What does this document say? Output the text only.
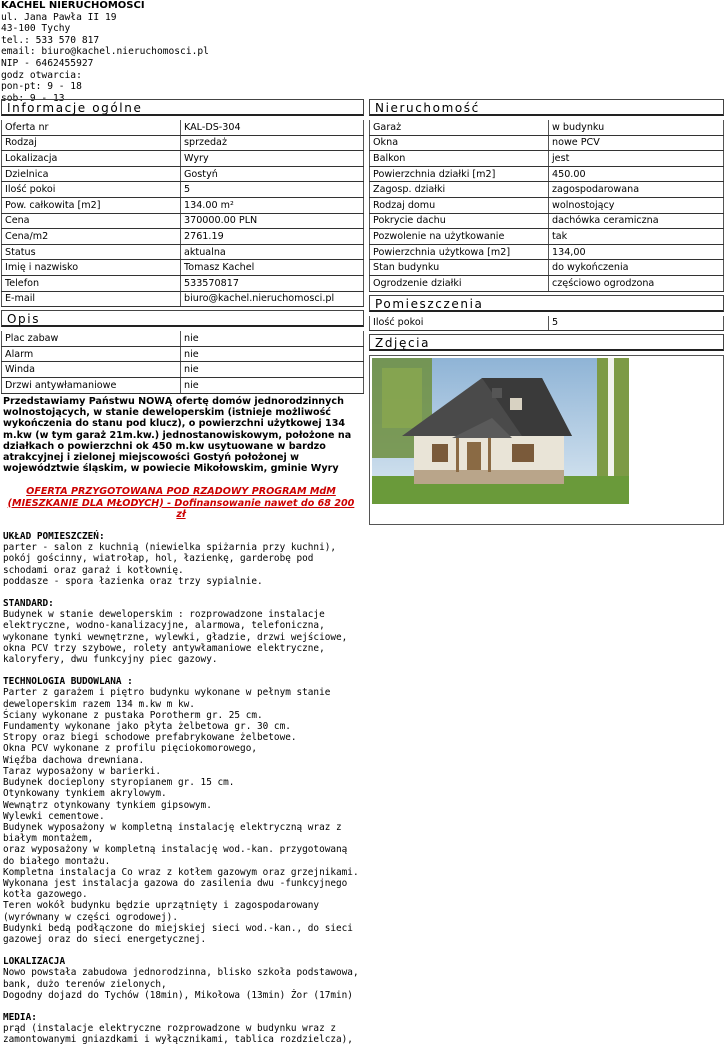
KACHEL NIERUCHOMOŚCI
ul. Jana Pawła II 19
43-100 Tychy
tel.: 533 570 817
email: biuro@kachel.nieruchomosci.pl
NIP - 6462455927
godz otwarcia:
pon-pt: 9 - 18
sob: 9 - 13
Informacje ogólne
Oferta nr	KAL-DS-304
Rodzaj	sprzedaż
Lokalizacja	Wyry
Dzielnica	Gostyń
Ilość pokoi	5
Pow. całkowita [m2]	134.00 m²
Cena	370000.00 PLN
Cena/m2	2761.19
Status	aktualna
Imię i nazwisko	Tomasz Kachel
Telefon	533570817
E-mail	biuro@kachel.nieruchomosci.pl
Opis
Plac zabaw	nie
Alarm	nie
Winda	nie
Drzwi antywłamaniowe	nie

Przedstawiamy Państwu NOWĄ ofertę domów jednorodzinnych wolnostojących, w stanie deweloperskim (istnieje możliwość wykończenia do stanu pod klucz), o powierzchni użytkowej 134 m.kw (w tym garaż 21m.kw.) jednostanowiskowym, położone na działkach o powierzchni ok 450 m.kw usytuowane w bardzo atrakcyjnej i zielonej miejscowości Gostyń położonej w województwie śląskim, w powiecie Mikołowskim, gminie Wyry

OFERTA PRZYGOTOWANA POD RZĄDOWY PROGRAM MdM

(MIESZKANIE DLA MŁODYCH) - Dofinansowanie nawet do 68 200 zł

UKŁAD POMIESZCZEŃ:

parter - salon z kuchnią (niewielka spiżarnia przy kuchni), pokój gościnny, wiatrołap, hol, łazienkę, garderobę pod schodami oraz garaż i kotłownię.

poddasze - spora łazienka oraz trzy sypialnie.

STANDARD:

Budynek w stanie deweloperskim : rozprowadzone instalacje elektryczne, wodno-kanalizacyjne, alarmowa, telefoniczna, wykonane tynki wewnętrzne, wylewki, gładzie, drzwi wejściowe, okna PCV trzy szybowe, rolety antywłamaniowe elektryczne, kaloryfery, dwu funkcyjny piec gazowy.

TECHNOLOGIA BUDOWLANA :

Parter z garażem i piętro budynku wykonane w pełnym stanie deweloperskim razem 134 m.kw m kw.

Ściany wykonane z pustaka Porotherm gr. 25 cm.

Fundamenty wykonane jako płyta żelbetowa gr. 30 cm.

Stropy oraz biegi schodowe prefabrykowane żelbetowe.

Okna PCV wykonane z profilu pięciokomorowego,

Więźba dachowa drewniana.

Taraz wyposażony w barierki.

Budynek docieplony styropianem gr. 15 cm.

Otynkowany tynkiem akrylowym.

Wewnątrz otynkowany tynkiem gipsowym.

Wylewki cementowe.

Budynek wyposażony w kompletną instalację elektryczną wraz z białym montażem,

oraz wyposażony w kompletną instalację wod.-kan. przygotowaną do białego montażu.

Kompletna instalacja Co wraz z kotłem gazowym oraz grzejnikami. Wykonana jest instalacja gazowa do zasilenia dwu -funkcyjnego kotła gazowego.

Teren wokół budynku będzie uprzątnięty i zagospodarowany (wyrównany w części ogrodowej).

Budynki bedą podłączone do miejskiej sieci wod.-kan., do sieci gazowej oraz do sieci energetycznej.

LOKALIZACJA

Nowo powstała zabudowa jednorodzinna, blisko szkoła podstawowa, bank, dużo terenów zielonych,

Dogodny dojazd do Tychów (18min), Mikołowa (13min) Żor (17min)

MEDIA:

prąd (instalacje elektryczne rozprowadzone w budynku wraz z zamontowanymi gniazdkami i wyłącznikami, tablica rozdzielcza),

Nieruchomość
Garaż	w budynku
Okna	nowe PCV
Balkon	jest
Powierzchnia działki [m2]	450.00
Zagosp. działki	zagospodarowana
Rodzaj domu	wolnostojący
Pokrycie dachu	dachówka ceramiczna
Pozwolenie na użytkowanie	tak
Powierzchnia użytkowa [m2]	134,00
Stan budynku	do wykończenia
Ogrodzenie działki	częściowo ogrodzona
Pomieszczenia
Ilość pokoi	5
Zdjęcia
